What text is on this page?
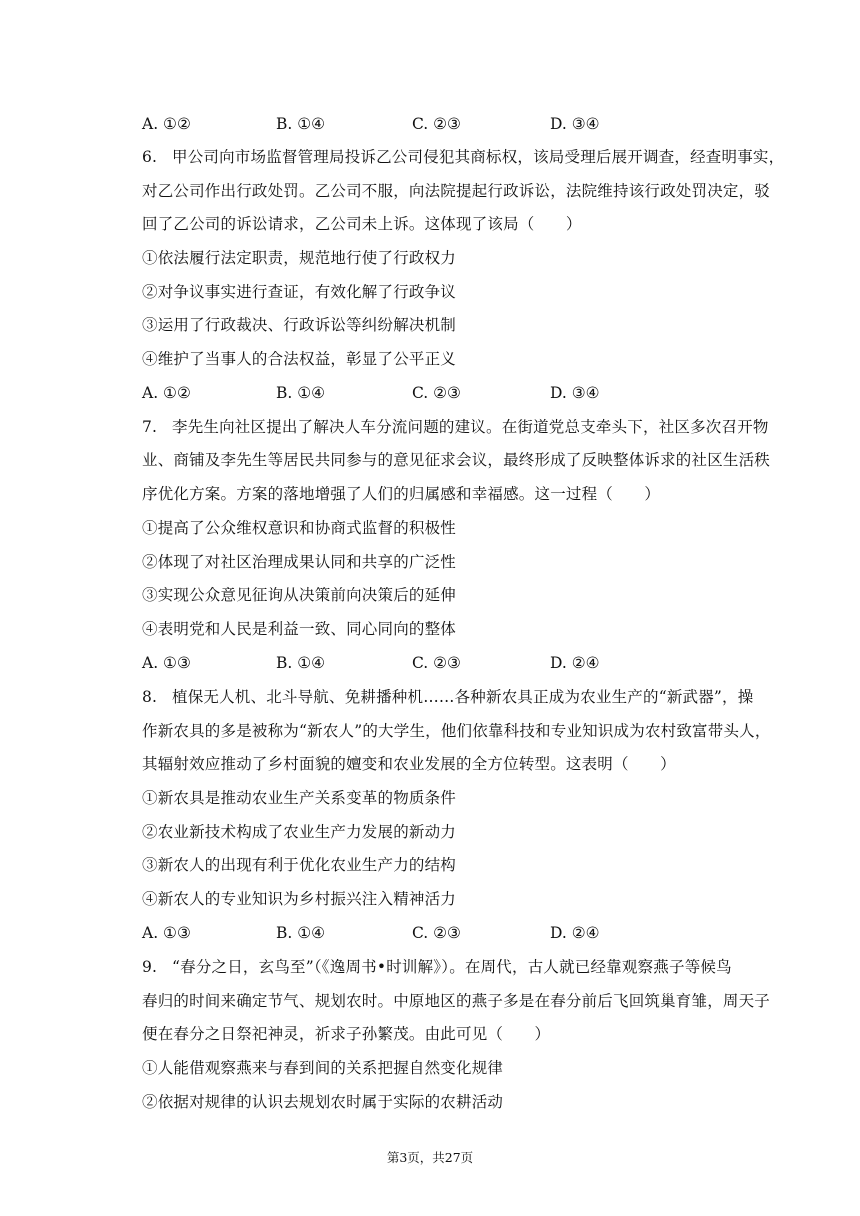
A. ①②	B. ①④	C. ②③	D. ③④
6. 甲公司向市场监督管理局投诉乙公司侵犯其商标权，该局受理后展开调查，经查明事实，
对乙公司作出行政处罚。乙公司不服，向法院提起行政诉讼，法院维持该行政处罚决定，驳
回了乙公司的诉讼请求，乙公司未上诉。这体现了该局（　　）
①依法履行法定职责，规范地行使了行政权力
②对争议事实进行查证，有效化解了行政争议
③运用了行政裁决、行政诉讼等纠纷解决机制
④维护了当事人的合法权益，彰显了公平正义
A. ①②	B. ①④	C. ②③	D. ③④
7. 李先生向社区提出了解决人车分流问题的建议。在街道党总支牵头下，社区多次召开物
业、商铺及李先生等居民共同参与的意见征求会议，最终形成了反映整体诉求的社区生活秩
序优化方案。方案的落地增强了人们的归属感和幸福感。这一过程（　　）
①提高了公众维权意识和协商式监督的积极性
②体现了对社区治理成果认同和共享的广泛性
③实现公众意见征询从决策前向决策后的延伸
④表明党和人民是利益一致、同心同向的整体
A. ①③	B. ①④	C. ②③	D. ②④
8. 植保无人机、北斗导航、免耕播种机……各种新农具正成为农业生产的“新武器”，操
作新农具的多是被称为“新农人”的大学生，他们依靠科技和专业知识成为农村致富带头人，
其辐射效应推动了乡村面貌的嬗变和农业发展的全方位转型。这表明（　　）
①新农具是推动农业生产关系变革的物质条件
②农业新技术构成了农业生产力发展的新动力
③新农人的出现有利于优化农业生产力的结构
④新农人的专业知识为乡村振兴注入精神活力
A. ①③	B. ①④	C. ②③	D. ②④
9. “春分之日，玄鸟至”（《逸周书•时训解》）。在周代，古人就已经靠观察燕子等候鸟
春归的时间来确定节气、规划农时。中原地区的燕子多是在春分前后飞回筑巢育雏，周天子
便在春分之日祭祀神灵，祈求子孙繁茂。由此可见（　　）
①人能借观察燕来与春到间的关系把握自然变化规律
②依据对规律的认识去规划农时属于实际的农耕活动
第3页，共27页
